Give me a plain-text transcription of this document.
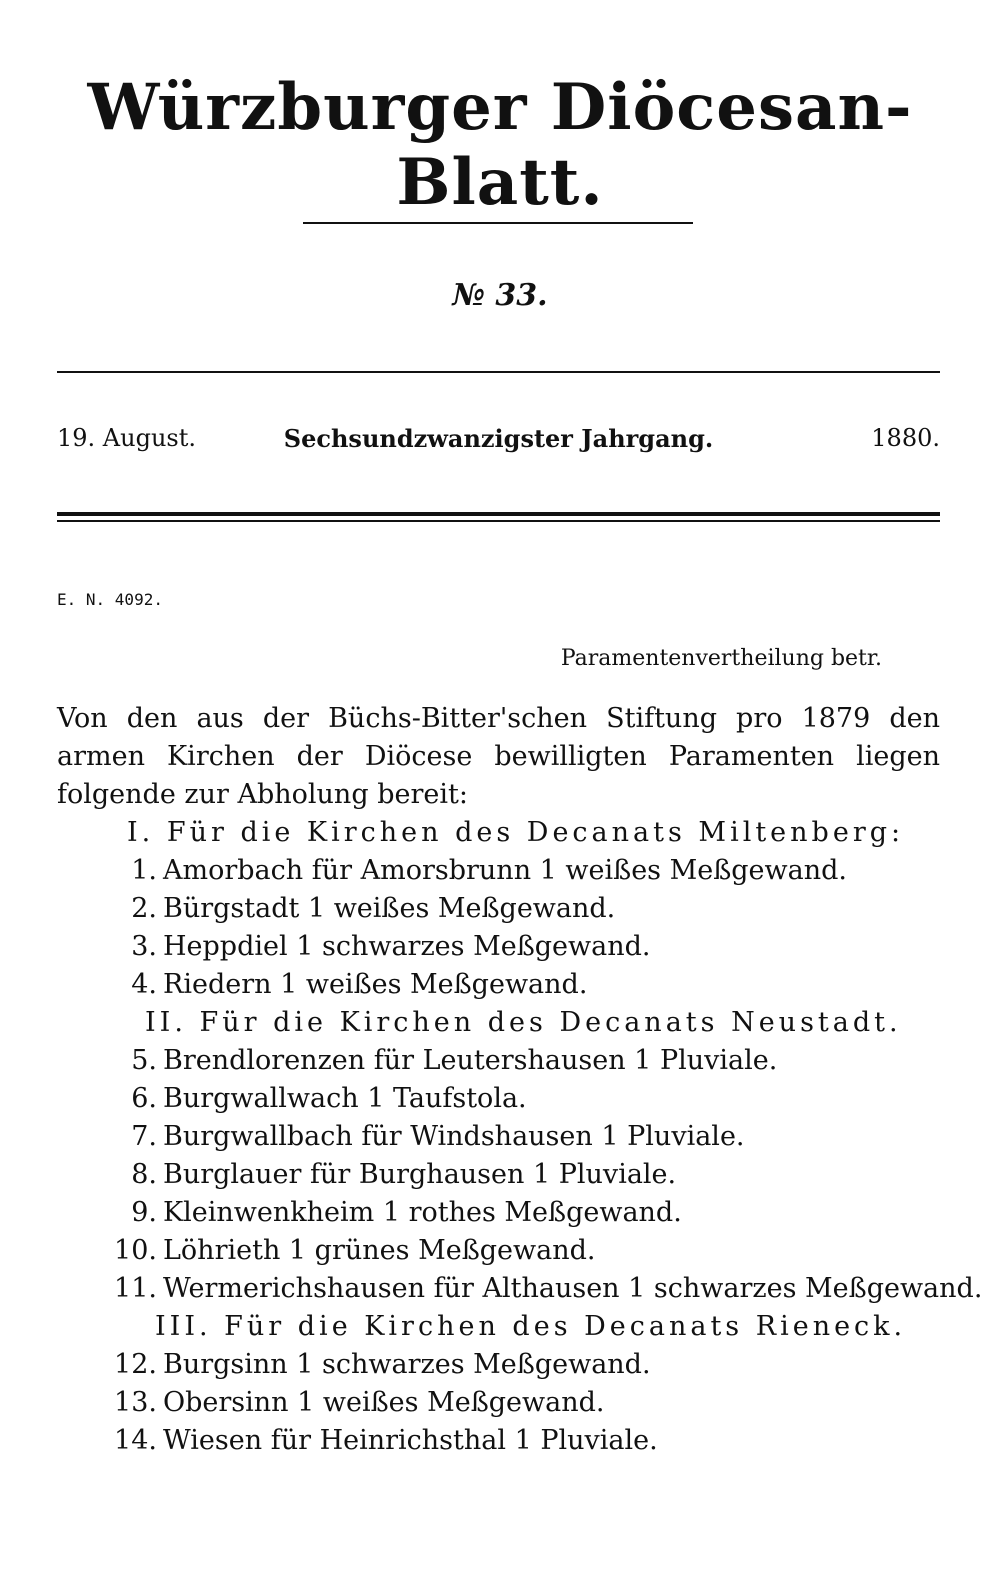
Würzburger Diöcesan-Blatt.
№ 33.
19. August.	Sechsundzwanzigster Jahrgang.	1880.
E. N. 4092.
Paramentenvertheilung betr.
Von den aus der Büchs-Bitter'schen Stiftung pro 1879 den armen Kirchen der Diöcese bewilligten Paramenten liegen folgende zur Abholung bereit:
I. Für die Kirchen des Decanats Miltenberg:
1. Amorbach für Amorsbrunn 1 weißes Meßgewand.
2. Bürgstadt 1 weißes Meßgewand.
3. Heppdiel 1 schwarzes Meßgewand.
4. Riedern 1 weißes Meßgewand.
II. Für die Kirchen des Decanats Neustadt.
5. Brendlorenzen für Leutershausen 1 Pluviale.
6. Burgwallwach 1 Taufstola.
7. Burgwallbach für Windshausen 1 Pluviale.
8. Burglauer für Burghausen 1 Pluviale.
9. Kleinwenkheim 1 rothes Meßgewand.
10. Löhrieth 1 grünes Meßgewand.
11. Wermerichshausen für Althausen 1 schwarzes Meßgewand.
III. Für die Kirchen des Decanats Rieneck.
12. Burgsinn 1 schwarzes Meßgewand.
13. Obersinn 1 weißes Meßgewand.
14. Wiesen für Heinrichsthal 1 Pluviale.
